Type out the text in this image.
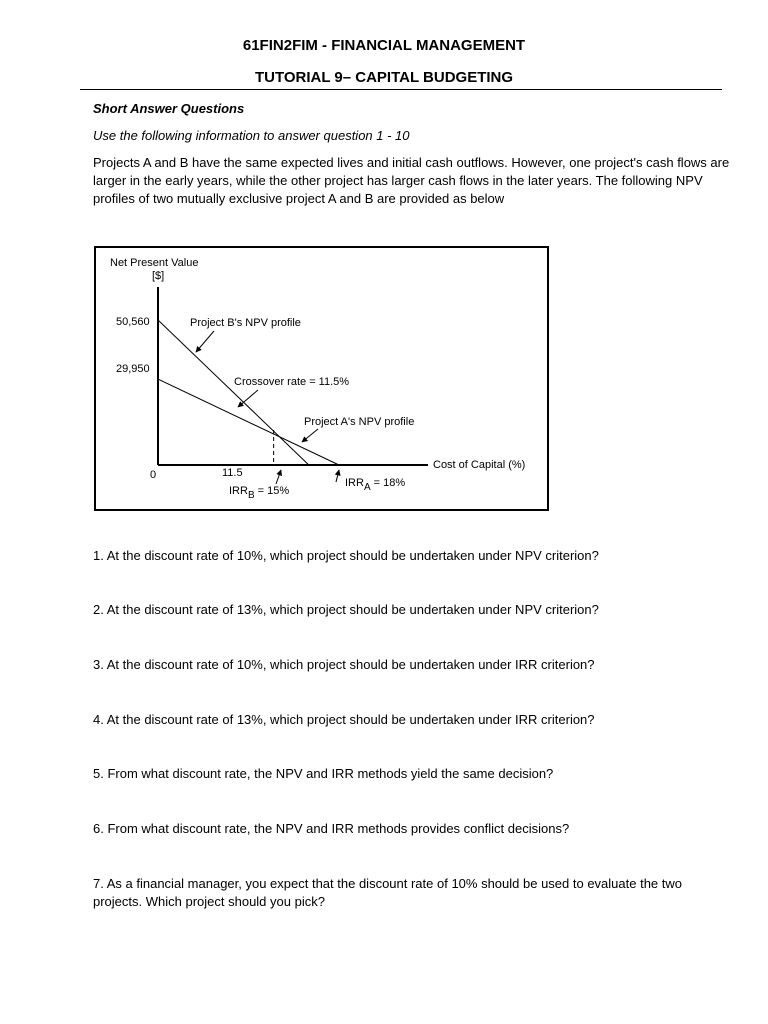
61FIN2FIM - FINANCIAL MANAGEMENT
TUTORIAL 9– CAPITAL BUDGETING
Short Answer Questions
Use the following information to answer question 1 - 10
Projects A and B have the same expected lives and initial cash outflows. However, one project's cash flows are larger in the early years, while the other project has larger cash flows in the later years. The following NPV profiles of two mutually exclusive project A and B are provided as below
Net Present Value
[$]
0
50,560
29,950
11.5
Cost of Capital (%)
Project B's NPV profile
Crossover rate = 11.5%
Project A's NPV profile
IRRB = 15%
IRRA = 18%
1. At the discount rate of 10%, which project should be undertaken under NPV criterion?
2. At the discount rate of 13%, which project should be undertaken under NPV criterion?
3. At the discount rate of 10%, which project should be undertaken under IRR criterion?
4. At the discount rate of 13%, which project should be undertaken under IRR criterion?
5. From what discount rate, the NPV and IRR methods yield the same decision?
6. From what discount rate, the NPV and IRR methods provides conflict decisions?
7. As a financial manager, you expect that the discount rate of 10% should be used to evaluate the two projects. Which project should you pick?
